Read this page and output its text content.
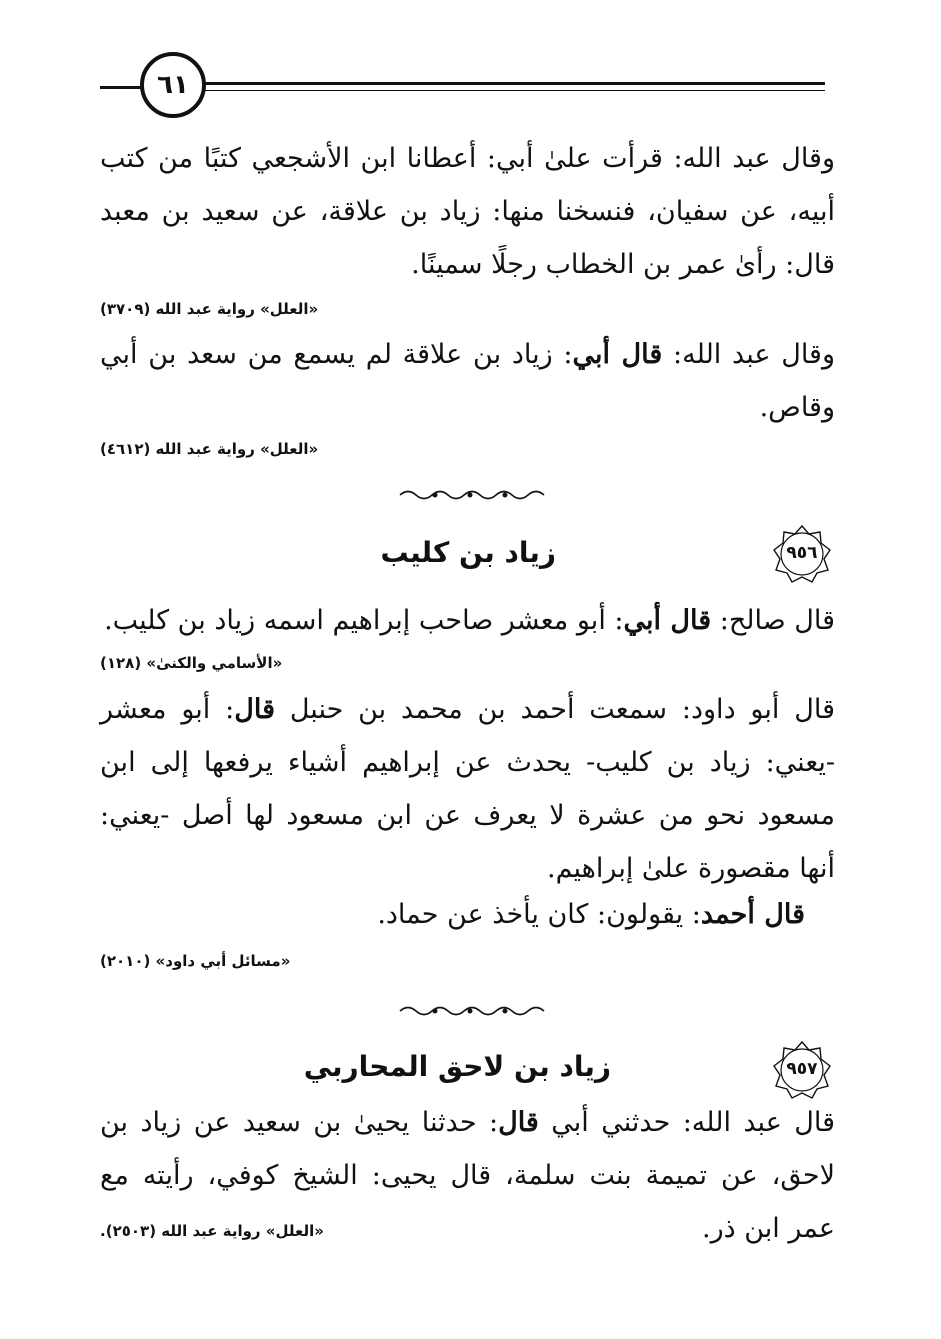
٦١
وقال عبد الله: قرأت علىٰ أبي: أعطانا ابن الأشجعي كتبًا من كتب أبيه، عن سفيان، فنسخنا منها: زياد بن علاقة، عن سعيد بن معبد قال: رأىٰ عمر بن الخطاب رجلًا سمينًا.
«العلل» رواية عبد الله (٣٧٠٩)
وقال عبد الله: قال أبي: زياد بن علاقة لم يسمع من سعد بن أبي وقاص.
«العلل» رواية عبد الله (٤٦١٢)
٩٥٦
زياد بن كليب
قال صالح: قال أبي: أبو معشر صاحب إبراهيم اسمه زياد بن كليب.
«الأسامي والكنىٰ» (١٢٨)
قال أبو داود: سمعت أحمد بن محمد بن حنبل قال: أبو معشر -يعني: زياد بن كليب- يحدث عن إبراهيم أشياء يرفعها إلى ابن مسعود نحو من عشرة لا يعرف عن ابن مسعود لها أصل -يعني: أنها مقصورة علىٰ إبراهيم.
قال أحمد: يقولون: كان يأخذ عن حماد.
«مسائل أبي داود» (٢٠١٠)
٩٥٧
زياد بن لاحق المحاربي
قال عبد الله: حدثني أبي قال: حدثنا يحيىٰ بن سعيد عن زياد بن لاحق، عن تميمة بنت سلمة، قال يحيى: الشيخ كوفي، رأيته مع عمر ابن ذر.
«العلل» رواية عبد الله (٢٥٠٣).
